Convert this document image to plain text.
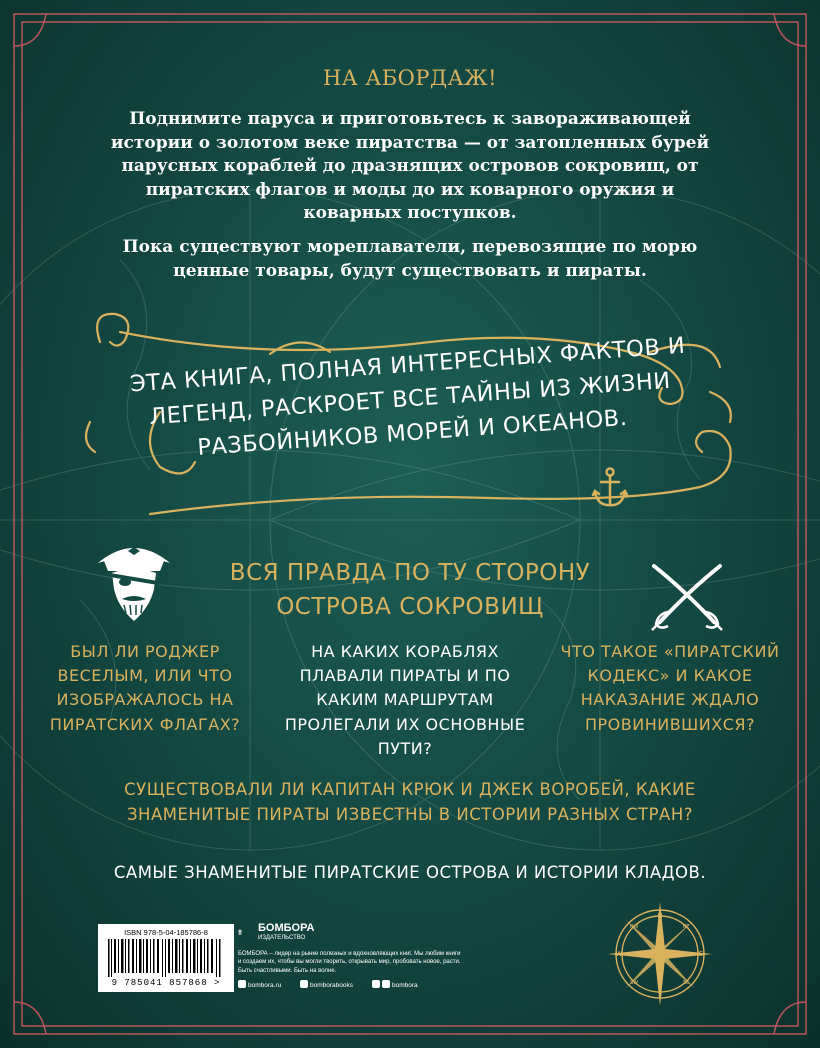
НА АБОРДАЖ!

Поднимите паруса и приготовьтесь к завораживающей истории о золотом веке пиратства — от затопленных бурей парусных кораблей до дразнящих островов сокровищ, от пиратских флагов и моды до их коварного оружия и коварных поступков.

Пока существуют мореплаватели, перевозящие по морю ценные товары, будут существовать и пираты.

ЭТА КНИГА, ПОЛНАЯ ИНТЕРЕСНЫХ ФАКТОВ И ЛЕГЕНД, РАСКРОЕТ ВСЕ ТАЙНЫ ИЗ ЖИЗНИ РАЗБОЙНИКОВ МОРЕЙ И ОКЕАНОВ.

ВСЯ ПРАВДА ПО ТУ СТОРОНУ ОСТРОВА СОКРОВИЩ

БЫЛ ЛИ РОДЖЕР ВЕСЕЛЫМ, ИЛИ ЧТО ИЗОБРАЖАЛОСЬ НА ПИРАТСКИХ ФЛАГАХ?

НА КАКИХ КОРАБЛЯХ ПЛАВАЛИ ПИРАТЫ И ПО КАКИМ МАРШРУТАМ ПРОЛЕГАЛИ ИХ ОСНОВНЫЕ ПУТИ?

ЧТО ТАКОЕ «ПИРАТСКИЙ КОДЕКС» И КАКОЕ НАКАЗАНИЕ ЖДАЛО ПРОВИНИВШИХСЯ?

СУЩЕСТВОВАЛИ ЛИ КАПИТАН КРЮК И ДЖЕК ВОРОБЕЙ, КАКИЕ ЗНАМЕНИТЫЕ ПИРАТЫ ИЗВЕСТНЫ В ИСТОРИИ РАЗНЫХ СТРАН?

САМЫЕ ЗНАМЕНИТЫЕ ПИРАТСКИЕ ОСТРОВА И ИСТОРИИ КЛАДОВ.

N
S
E
W
NW	NE
SW	SE
ISBN 978-5-04-185786-8
9 785041 857868 >
БОМБОРА
ИЗДАТЕЛЬСТВО

БОМБОРА – лидер на рынке полезных и вдохновляющих книг. Мы любим книги и создаем их, чтобы вы могли творить, открывать мир, пробовать новое, расти. Быть счастливыми. Быть на волне.

bombora.ru	bomborabooks	bombora
